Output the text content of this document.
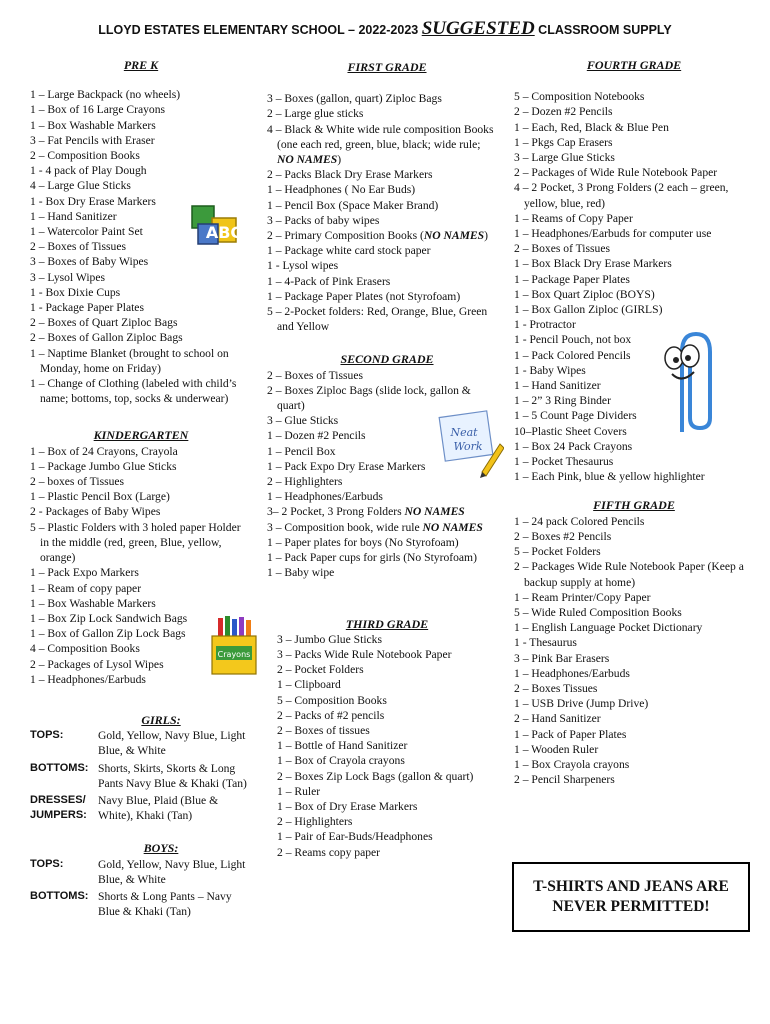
LLOYD ESTATES ELEMENTARY SCHOOL – 2022-2023 SUGGESTED CLASSROOM SUPPLY
PRE K
1 – Large Backpack (no wheels)
1 – Box of 16 Large Crayons
1 – Box Washable Markers
3 – Fat Pencils with Eraser
2 – Composition Books
1 - 4 pack of Play Dough
4 – Large Glue Sticks
1 - Box Dry Erase Markers
1 – Hand Sanitizer
1 – Watercolor Paint Set
2 – Boxes of Tissues
3 – Boxes of Baby Wipes
3 – Lysol Wipes
1 - Box Dixie Cups
1 - Package Paper Plates
2 – Boxes of Quart Ziploc Bags
2 – Boxes of Gallon Ziploc Bags
1 – Naptime Blanket (brought to school on Monday, home on Friday)
1 – Change of Clothing (labeled with child’s name; bottoms, top, socks & underwear)
KINDERGARTEN
1 – Box of 24 Crayons, Crayola
1 – Package Jumbo Glue Sticks
2 – boxes of Tissues
1 – Plastic Pencil Box (Large)
2 - Packages of Baby Wipes
5 – Plastic Folders with 3 holed paper Holder in the middle (red, green, Blue, yellow, orange)
1 – Pack Expo Markers
1 – Ream of copy paper
1 – Box Washable Markers
1 – Box Zip Lock Sandwich Bags
1 – Box of Gallon Zip Lock Bags
4 – Composition Books
2 – Packages of Lysol Wipes
1 – Headphones/Earbuds
GIRLS:
TOPS:	Gold, Yellow, Navy Blue, Light Blue, & White
BOTTOMS:	Shorts, Skirts, Skorts & Long Pants Navy Blue & Khaki (Tan)
DRESSES/ JUMPERS:	Navy Blue, Plaid (Blue & White), Khaki (Tan)
BOYS:
TOPS:	Gold, Yellow, Navy Blue, Light Blue, & White
BOTTOMS:	Shorts & Long Pants – Navy Blue & Khaki (Tan)
FIRST GRADE
3 – Boxes (gallon, quart) Ziploc Bags
2 – Large glue sticks
4 – Black & White wide rule composition Books (one each red, green, blue, black; wide rule; NO NAMES)
2 – Packs Black Dry Erase Markers
1 – Headphones ( No Ear Buds)
1 – Pencil Box (Space Maker Brand)
3 – Packs of baby wipes
2 – Primary Composition Books (NO NAMES)
1 – Package white card stock paper
1 - Lysol wipes
1 – 4-Pack of Pink Erasers
1 – Package Paper Plates (not Styrofoam)
5 – 2-Pocket folders: Red, Orange, Blue, Green and Yellow
SECOND GRADE
2 – Boxes of Tissues
2 – Boxes Ziploc Bags (slide lock, gallon & quart)
3 – Glue Sticks
1 – Dozen #2 Pencils
1 – Pencil Box
1 – Pack Expo Dry Erase Markers
2 – Highlighters
1 – Headphones/Earbuds
3– 2 Pocket, 3 Prong Folders NO NAMES
3 – Composition book, wide rule NO NAMES
1 – Paper plates for boys (No Styrofoam)
1 – Pack Paper cups for girls (No Styrofoam)
1 – Baby wipe
THIRD GRADE
3 – Jumbo Glue Sticks
3 – Packs Wide Rule Notebook Paper
2 – Pocket Folders
1 – Clipboard
5 – Composition Books
2 – Packs of #2 pencils
2 – Boxes of tissues
1 – Bottle of Hand Sanitizer
1 – Box of Crayola crayons
2 – Boxes Zip Lock Bags (gallon & quart)
1 – Ruler
1 – Box of Dry Erase Markers
2 – Highlighters
1 – Pair of Ear-Buds/Headphones
2 – Reams copy paper
FOURTH GRADE
5 – Composition Notebooks
2 – Dozen #2 Pencils
1 – Each, Red, Black & Blue Pen
1 – Pkgs Cap Erasers
3 – Large Glue Sticks
2 – Packages of Wide Rule Notebook Paper
4 – 2 Pocket, 3 Prong Folders (2 each – green, yellow, blue, red)
1 – Reams of Copy Paper
1 – Headphones/Earbuds for computer use
2 – Boxes of Tissues
1 – Box Black Dry Erase Markers
1 – Package Paper Plates
1 – Box Quart Ziploc (BOYS)
1 – Box Gallon Ziploc (GIRLS)
1 - Protractor
1 - Pencil Pouch, not box
1 – Pack Colored Pencils
1 - Baby Wipes
1 – Hand Sanitizer
1 – 2” 3 Ring Binder
1 – 5 Count Page Dividers
10–Plastic Sheet Covers
1 – Box 24 Pack Crayons
1 – Pocket Thesaurus
1 – Each Pink, blue & yellow highlighter
FIFTH GRADE
1 – 24 pack Colored Pencils
2 – Boxes #2 Pencils
5 – Pocket Folders
2 – Packages Wide Rule Notebook Paper (Keep a backup supply at home)
1 – Ream Printer/Copy Paper
5 – Wide Ruled Composition Books
1 – English Language Pocket Dictionary
1 - Thesaurus
3 – Pink Bar Erasers
1 – Headphones/Earbuds
2 – Boxes Tissues
1 – USB Drive (Jump Drive)
2 – Hand Sanitizer
1 – Pack of Paper Plates
1 – Wooden Ruler
1 – Box Crayola crayons
2 – Pencil Sharpeners
T-SHIRTS AND JEANS ARE
NEVER PERMITTED!
ABC
Neat
Work
Crayons
